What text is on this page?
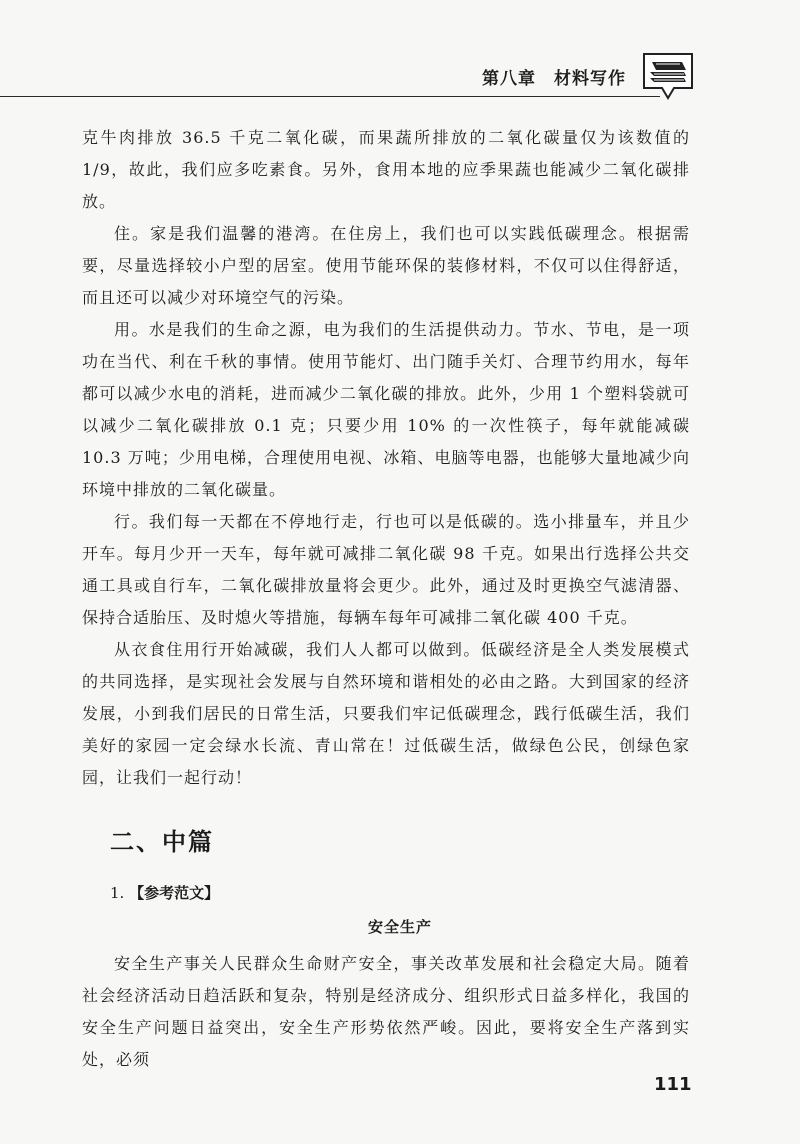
第八章　材料写作

克牛肉排放 36.5 千克二氧化碳，而果蔬所排放的二氧化碳量仅为该数值的 1/9，故此，我们应多吃素食。另外，食用本地的应季果蔬也能减少二氧化碳排放。

住。家是我们温馨的港湾。在住房上，我们也可以实践低碳理念。根据需要，尽量选择较小户型的居室。使用节能环保的装修材料，不仅可以住得舒适，而且还可以减少对环境空气的污染。

用。水是我们的生命之源，电为我们的生活提供动力。节水、节电，是一项功在当代、利在千秋的事情。使用节能灯、出门随手关灯、合理节约用水，每年都可以减少水电的消耗，进而减少二氧化碳的排放。此外，少用 1 个塑料袋就可以减少二氧化碳排放 0.1 克；只要少用 10% 的一次性筷子，每年就能减碳 10.3 万吨；少用电梯，合理使用电视、冰箱、电脑等电器，也能够大量地减少向环境中排放的二氧化碳量。

行。我们每一天都在不停地行走，行也可以是低碳的。选小排量车，并且少开车。每月少开一天车，每年就可减排二氧化碳 98 千克。如果出行选择公共交通工具或自行车，二氧化碳排放量将会更少。此外，通过及时更换空气滤清器、保持合适胎压、及时熄火等措施，每辆车每年可减排二氧化碳 400 千克。

从衣食住用行开始减碳，我们人人都可以做到。低碳经济是全人类发展模式的共同选择，是实现社会发展与自然环境和谐相处的必由之路。大到国家的经济发展，小到我们居民的日常生活，只要我们牢记低碳理念，践行低碳生活，我们美好的家园一定会绿水长流、青山常在！过低碳生活，做绿色公民，创绿色家园，让我们一起行动！

二、中篇
1. 【参考范文】
安全生产

安全生产事关人民群众生命财产安全，事关改革发展和社会稳定大局。随着社会经济活动日趋活跃和复杂，特别是经济成分、组织形式日益多样化，我国的安全生产问题日益突出，安全生产形势依然严峻。因此，要将安全生产落到实处，必须

111
